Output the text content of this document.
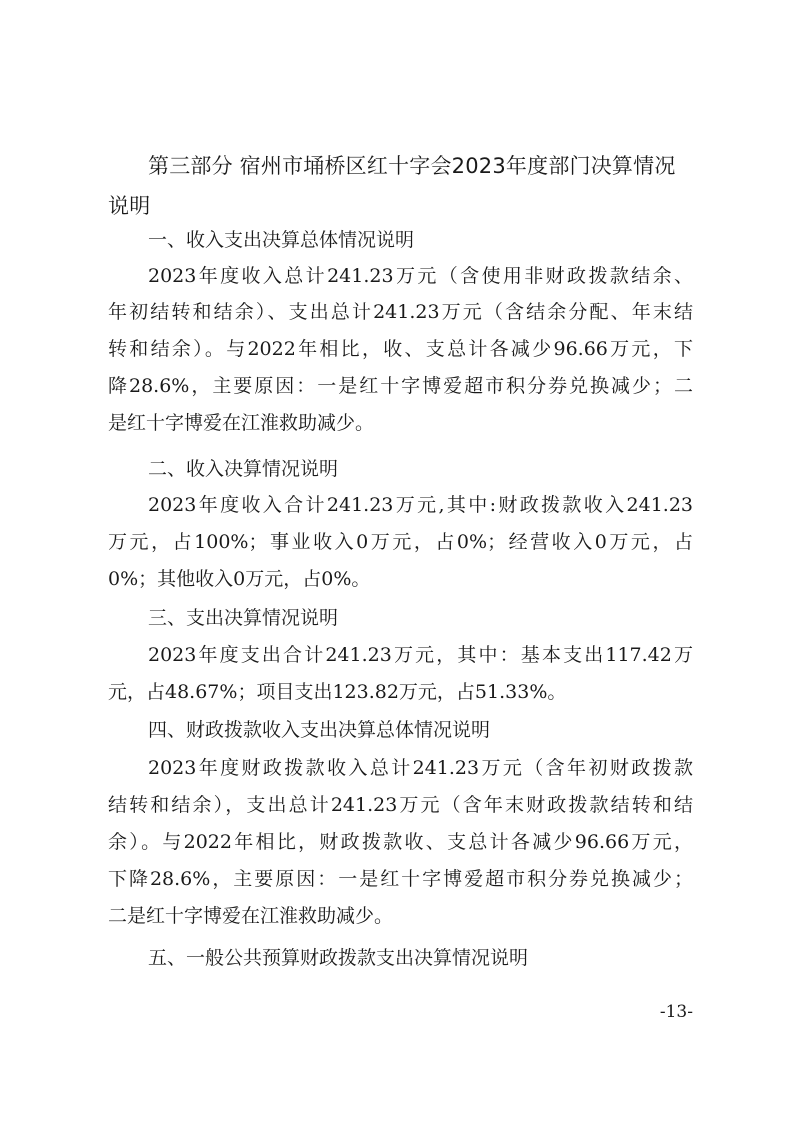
第三部分 宿州市埇桥区红十字会2023年度部门决算情况说明
一、收入支出决算总体情况说明

2023年度收入总计241.23万元（含使用非财政拨款结余、

年初结转和结余）、支出总计241.23万元（含结余分配、年末结

转和结余）。与2022年相比，收、支总计各减少96.66万元，下

降28.6%，主要原因：一是红十字博爱超市积分券兑换减少；二

是红十字博爱在江淮救助减少。

二、收入决算情况说明

2023年度收入合计241.23万元,其中:财政拨款收入241.23

万元，占100%；事业收入0万元，占0%；经营收入0万元，占

0%；其他收入0万元，占0%。

三、支出决算情况说明

2023年度支出合计241.23万元，其中：基本支出117.42万

元，占48.67%；项目支出123.82万元，占51.33%。

四、财政拨款收入支出决算总体情况说明

2023年度财政拨款收入总计241.23万元（含年初财政拨款

结转和结余），支出总计241.23万元（含年末财政拨款结转和结

余）。与2022年相比，财政拨款收、支总计各减少96.66万元，

下降28.6%，主要原因：一是红十字博爱超市积分券兑换减少；

二是红十字博爱在江淮救助减少。

五、一般公共预算财政拨款支出决算情况说明
-13-
